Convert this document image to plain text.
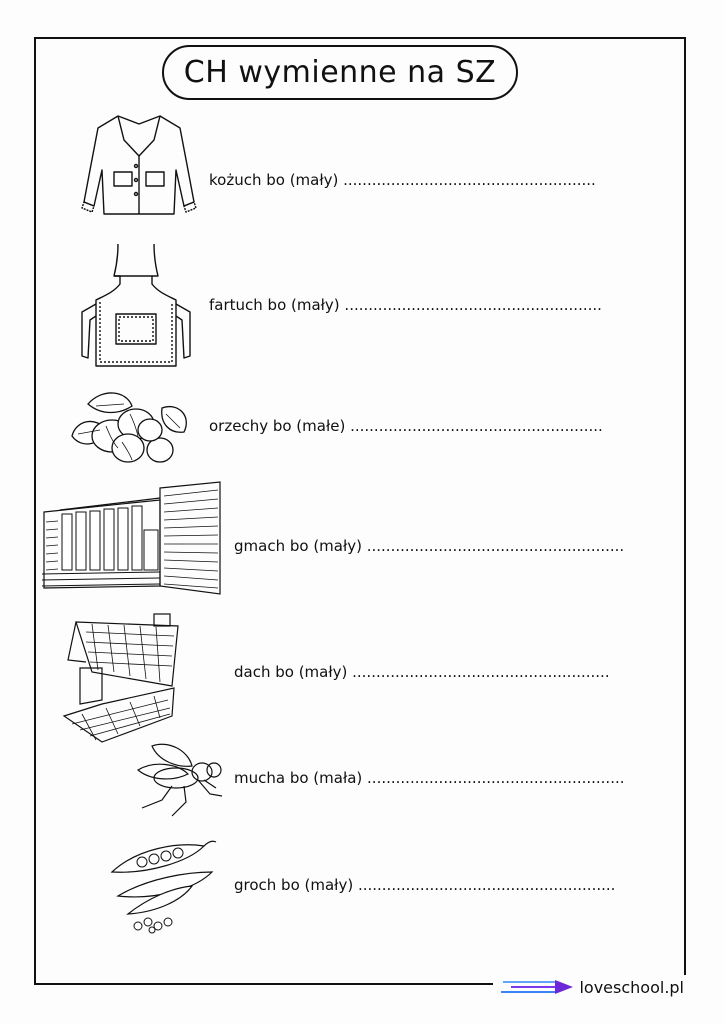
CH wymienne na SZ
kożuch bo (mały) .....................................................
fartuch bo (mały) ......................................................
orzechy bo (małe) .....................................................
gmach bo (mały) ......................................................
dach bo (mały) ......................................................
mucha bo (mała) ......................................................
groch bo (mały) ......................................................
loveschool.pl
